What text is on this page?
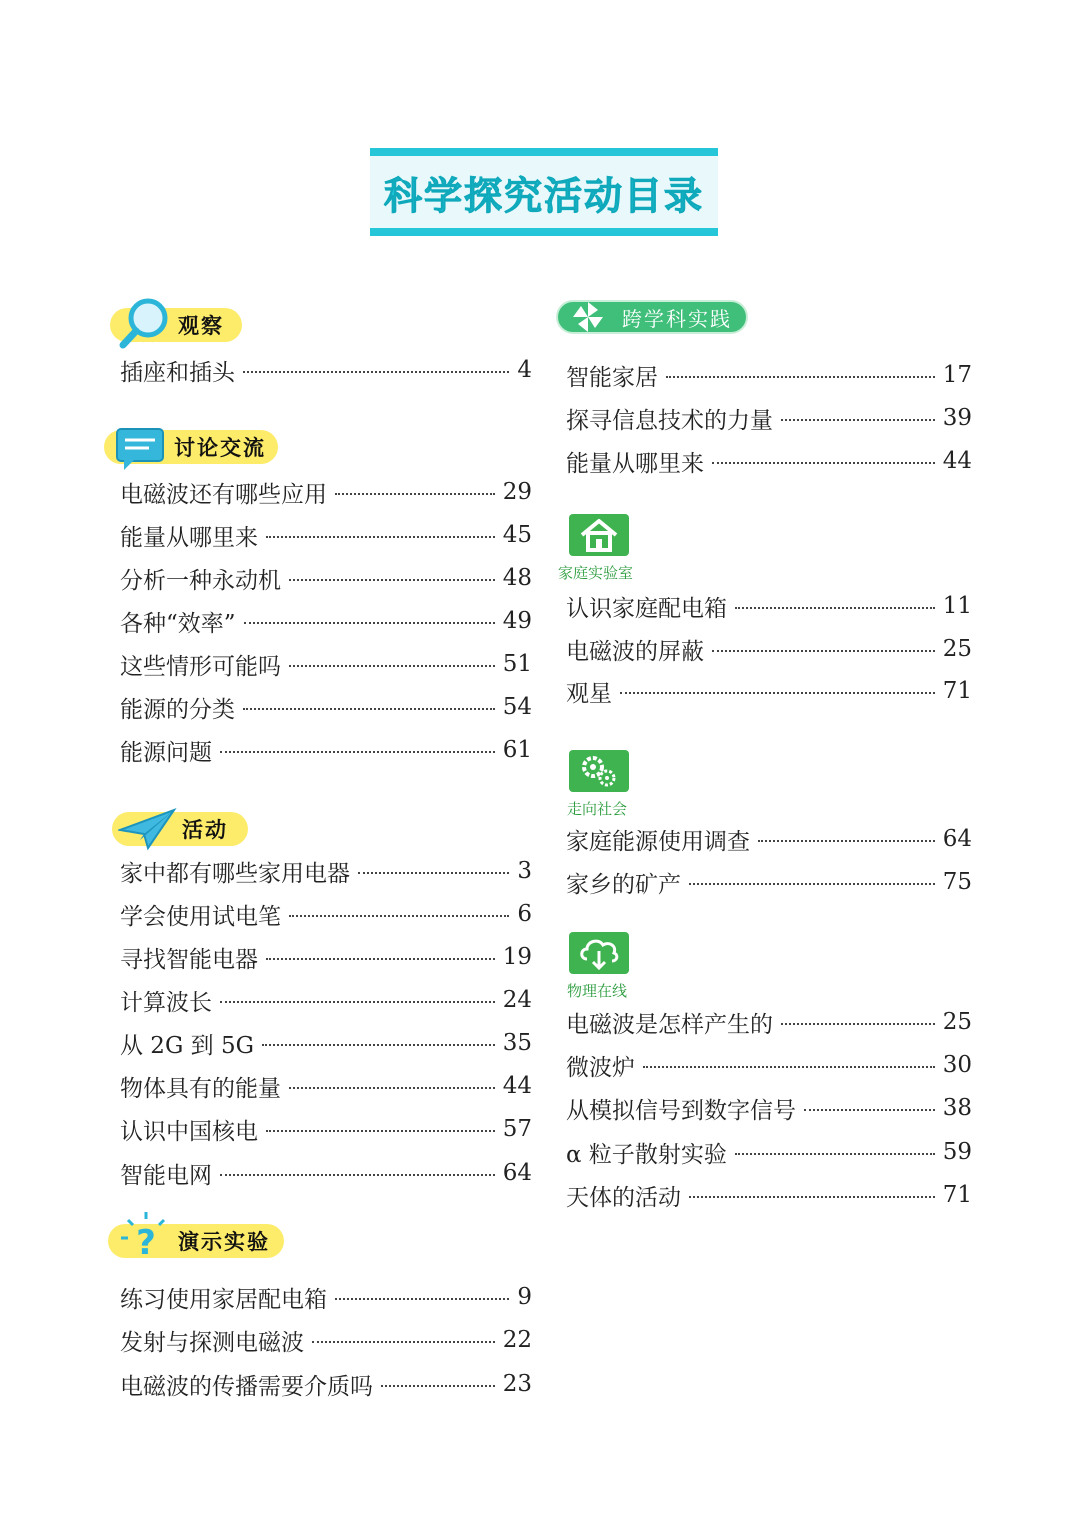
科学探究活动目录
观察
插座和插头	4
讨论交流
电磁波还有哪些应用	29
能量从哪里来	45
分析一种永动机	48
各种“效率”	49
这些情形可能吗	51
能源的分类	54
能源问题	61
活动
家中都有哪些家用电器	3
学会使用试电笔	6
寻找智能电器	19
计算波长	24
从 2G 到 5G	35
物体具有的能量	44
认识中国核电	57
智能电网	64
演示实验
?
练习使用家居配电箱	9
发射与探测电磁波	22
电磁波的传播需要介质吗	23
跨学科实践
智能家居	17
探寻信息技术的力量	39
能量从哪里来	44
家庭实验室
认识家庭配电箱	11
电磁波的屏蔽	25
观星	71
走向社会
家庭能源使用调查	64
家乡的矿产	75
物理在线
电磁波是怎样产生的	25
微波炉	30
从模拟信号到数字信号	38
α 粒子散射实验	59
天体的活动	71
